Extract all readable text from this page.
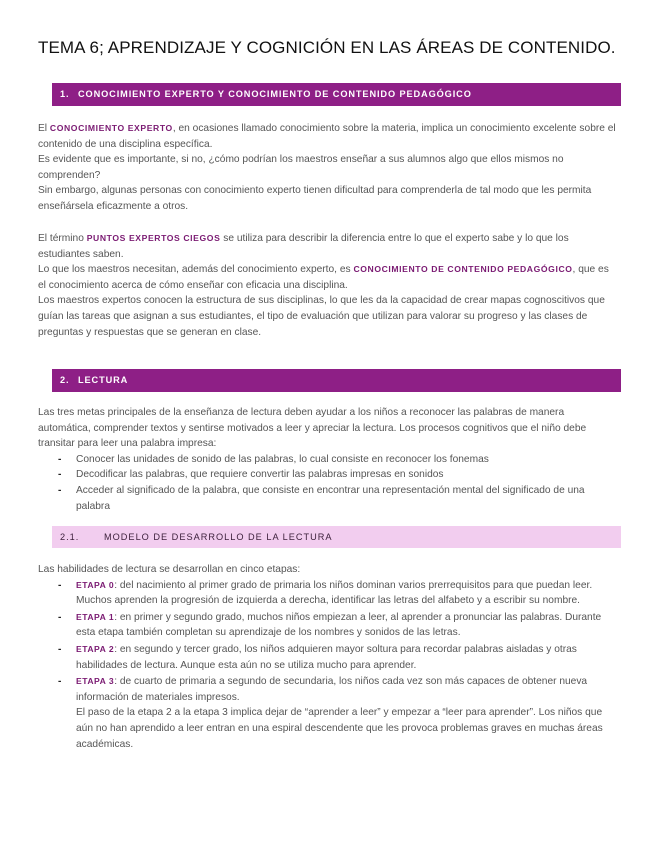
TEMA 6; APRENDIZAJE Y COGNICIÓN EN LAS ÁREAS DE CONTENIDO.
1. CONOCIMIENTO EXPERTO Y CONOCIMIENTO DE CONTENIDO PEDAGÓGICO

El CONOCIMIENTO EXPERTO, en ocasiones llamado conocimiento sobre la materia, implica un conocimiento excelente sobre el contenido de una disciplina específica.

Es evidente que es importante, si no, ¿cómo podrían los maestros enseñar a sus alumnos algo que ellos mismos no comprenden?

Sin embargo, algunas personas con conocimiento experto tienen dificultad para comprenderla de tal modo que les permita enseñársela eficazmente a otros.

El término PUNTOS EXPERTOS CIEGOS se utiliza para describir la diferencia entre lo que el experto sabe y lo que los estudiantes saben.

Lo que los maestros necesitan, además del conocimiento experto, es CONOCIMIENTO DE CONTENIDO PEDAGÓGICO, que es el conocimiento acerca de cómo enseñar con eficacia una disciplina.

Los maestros expertos conocen la estructura de sus disciplinas, lo que les da la capacidad de crear mapas cognoscitivos que guían las tareas que asignan a sus estudiantes, el tipo de evaluación que utilizan para valorar su progreso y las clases de preguntas y respuestas que se generan en clase.

2. LECTURA

Las tres metas principales de la enseñanza de lectura deben ayudar a los niños a reconocer las palabras de manera automática, comprender textos y sentirse motivados a leer y apreciar la lectura. Los procesos cognitivos que el niño debe transitar para leer una palabra impresa:

- Conocer las unidades de sonido de las palabras, lo cual consiste en reconocer los fonemas
- Decodificar las palabras, que requiere convertir las palabras impresas en sonidos
- Acceder al significado de la palabra, que consiste en encontrar una representación mental del significado de una palabra
2.1.	MODELO DE DESARROLLO DE LA LECTURA

Las habilidades de lectura se desarrollan en cinco etapas:

- ETAPA 0: del nacimiento al primer grado de primaria los niños dominan varios prerrequisitos para que puedan leer. Muchos aprenden la progresión de izquierda a derecha, identificar las letras del alfabeto y a escribir su nombre.
- ETAPA 1: en primer y segundo grado, muchos niños empiezan a leer, al aprender a pronunciar las palabras. Durante esta etapa también completan su aprendizaje de los nombres y sonidos de las letras.
- ETAPA 2: en segundo y tercer grado, los niños adquieren mayor soltura para recordar palabras aisladas y otras habilidades de lectura. Aunque esta aún no se utiliza mucho para aprender.
- ETAPA 3: de cuarto de primaria a segundo de secundaria, los niños cada vez son más capaces de obtener nueva información de materiales impresos.
El paso de la etapa 2 a la etapa 3 implica dejar de “aprender a leer” y empezar a “leer para aprender”. Los niños que aún no han aprendido a leer entran en una espiral descendente que les provoca problemas graves en muchas áreas académicas.
